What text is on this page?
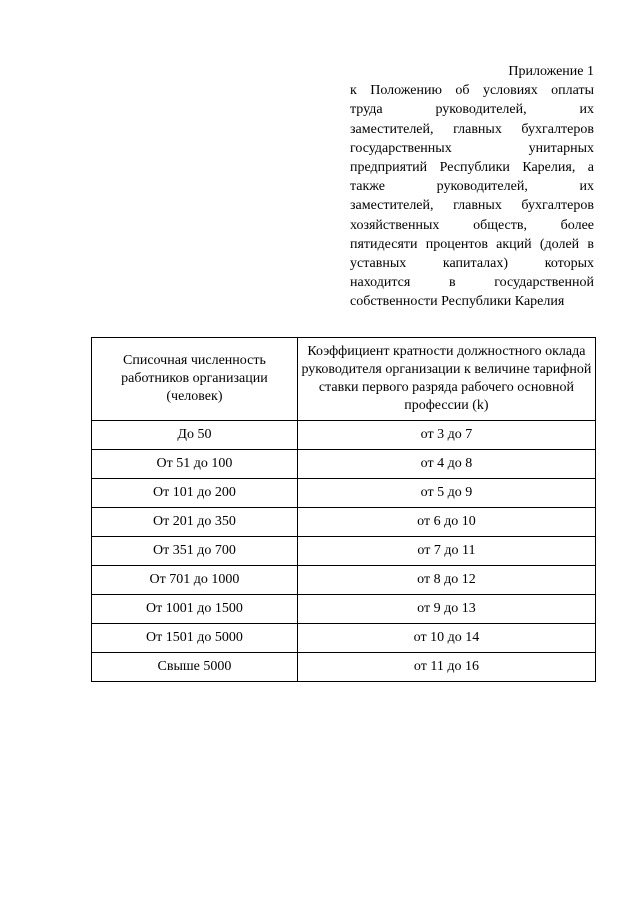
Приложение 1
к Положению об условиях оплаты
труда руководителей, их
заместителей, главных бухгалтеров
государственных унитарных
предприятий Республики Карелия, а
также руководителей, их
заместителей, главных бухгалтеров
хозяйственных обществ, более
пятидесяти процентов акций (долей в
уставных капиталах) которых
находится в государственной
собственности Республики Карелия
Списочная численность работников организации (человек)	Коэффициент кратности должностного оклада руководителя организации к величине тарифной ставки первого разряда рабочего основной профессии (k)
До 50	от 3 до 7
От 51 до 100	от 4 до 8
От 101 до 200	от 5 до 9
От 201 до 350	от 6 до 10
От 351 до 700	от 7 до 11
От 701 до 1000	от 8 до 12
От 1001 до 1500	от 9 до 13
От 1501 до 5000	от 10 до 14
Свыше 5000	от 11 до 16
